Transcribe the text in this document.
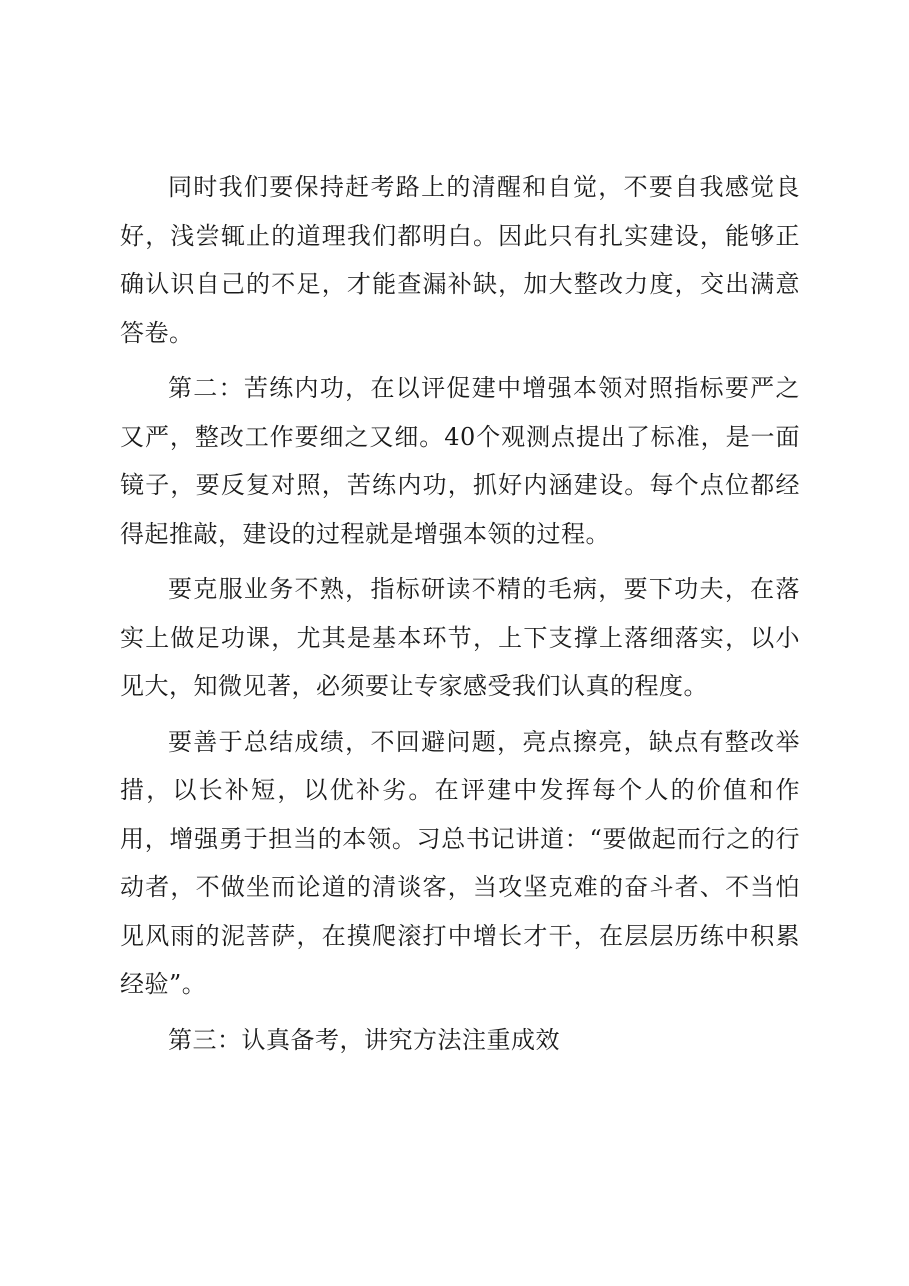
同时我们要保持赶考路上的清醒和自觉，不要自我感觉良好，浅尝辄止的道理我们都明白。因此只有扎实建设，能够正确认识自己的不足，才能查漏补缺，加大整改力度，交出满意答卷。

第二：苦练内功，在以评促建中增强本领对照指标要严之又严，整改工作要细之又细。40个观测点提出了标准，是一面镜子，要反复对照，苦练内功，抓好内涵建设。每个点位都经得起推敲，建设的过程就是增强本领的过程。

要克服业务不熟，指标研读不精的毛病，要下功夫，在落实上做足功课，尤其是基本环节，上下支撑上落细落实，以小见大，知微见著，必须要让专家感受我们认真的程度。

要善于总结成绩，不回避问题，亮点擦亮，缺点有整改举措，以长补短，以优补劣。在评建中发挥每个人的价值和作用，增强勇于担当的本领。习总书记讲道：“要做起而行之的行动者，不做坐而论道的清谈客，当攻坚克难的奋斗者、不当怕见风雨的泥菩萨，在摸爬滚打中增长才干，在层层历练中积累经验”。

第三：认真备考，讲究方法注重成效
